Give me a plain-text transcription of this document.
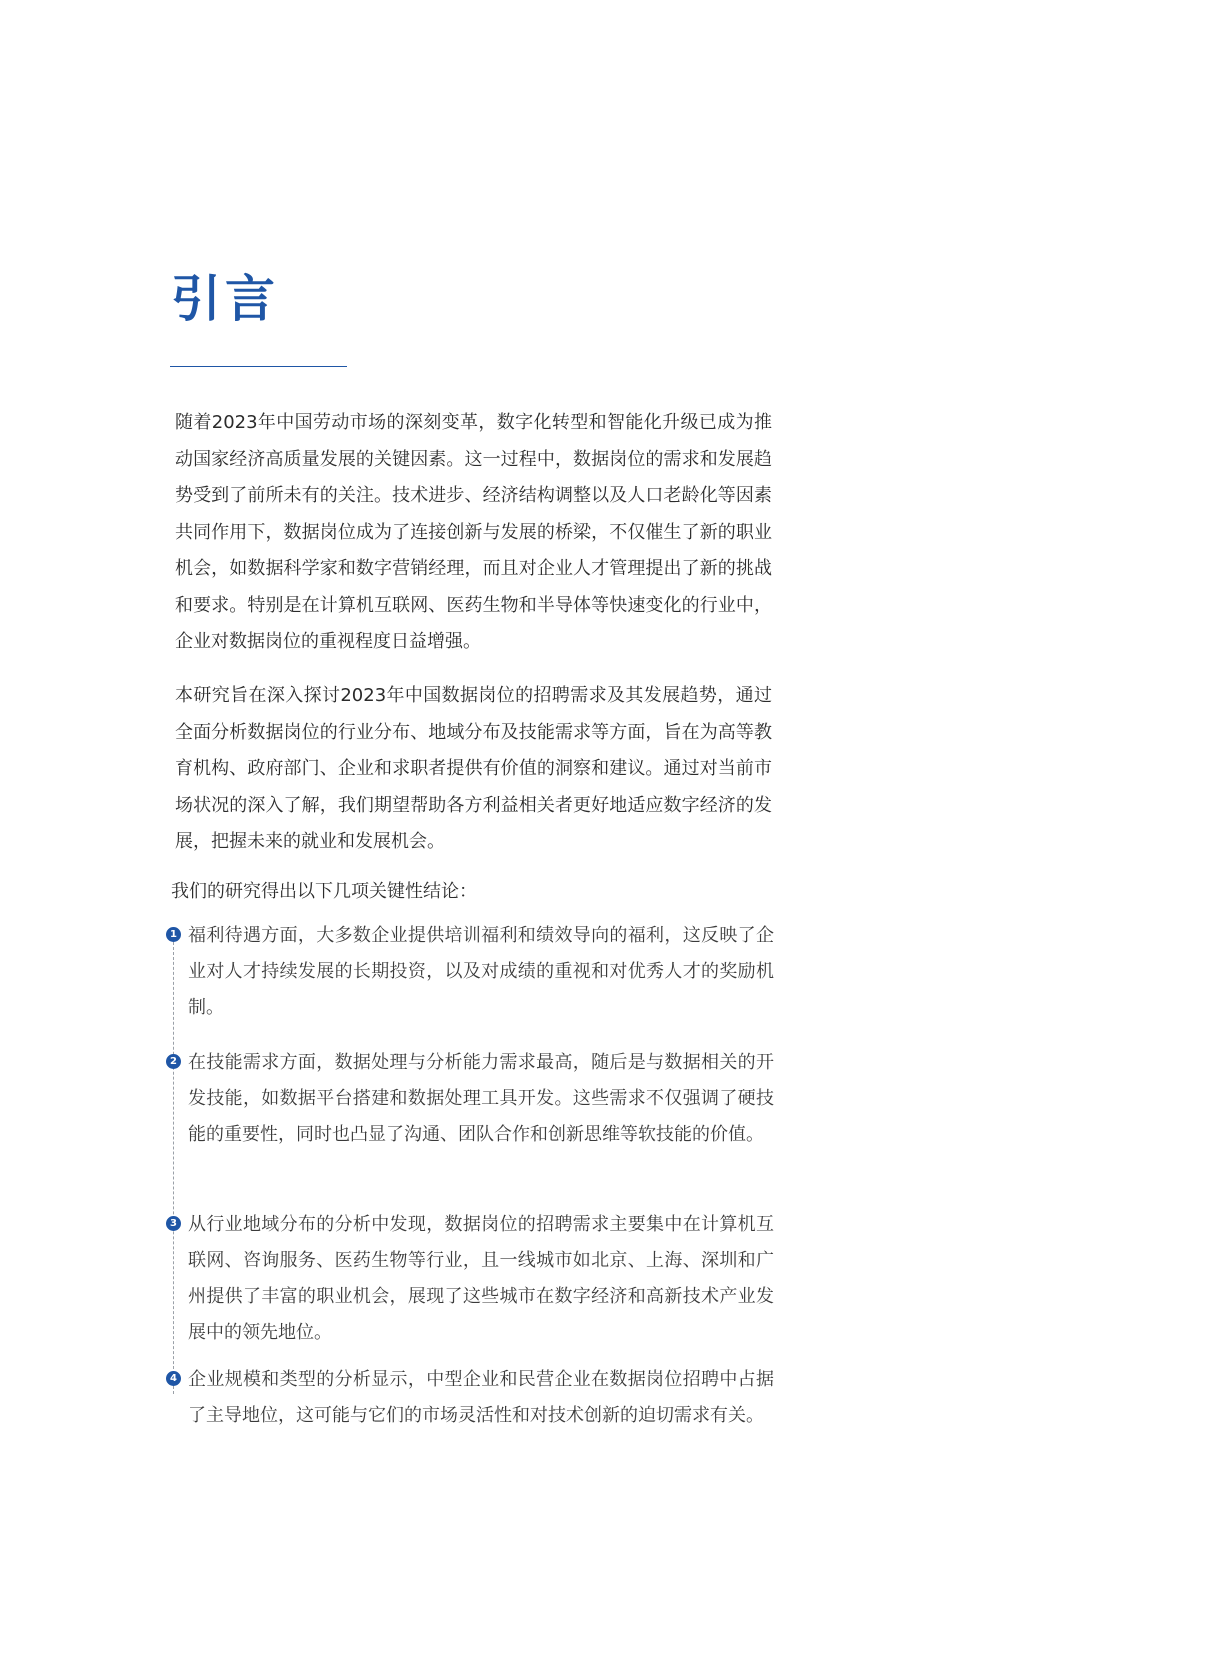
引言

随着2023年中国劳动市场的深刻变革，数字化转型和智能化升级已成为推动国家经济高质量发展的关键因素。这一过程中，数据岗位的需求和发展趋势受到了前所未有的关注。技术进步、经济结构调整以及人口老龄化等因素共同作用下，数据岗位成为了连接创新与发展的桥梁，不仅催生了新的职业机会，如数据科学家和数字营销经理，而且对企业人才管理提出了新的挑战和要求。特别是在计算机互联网、医药生物和半导体等快速变化的行业中，企业对数据岗位的重视程度日益增强。

本研究旨在深入探讨2023年中国数据岗位的招聘需求及其发展趋势，通过全面分析数据岗位的行业分布、地域分布及技能需求等方面，旨在为高等教育机构、政府部门、企业和求职者提供有价值的洞察和建议。通过对当前市场状况的深入了解，我们期望帮助各方利益相关者更好地适应数字经济的发展，把握未来的就业和发展机会。

我们的研究得出以下几项关键性结论：

1 福利待遇方面，大多数企业提供培训福利和绩效导向的福利，这反映了企业对人才持续发展的长期投资，以及对成绩的重视和对优秀人才的奖励机制。

2 在技能需求方面，数据处理与分析能力需求最高，随后是与数据相关的开发技能，如数据平台搭建和数据处理工具开发。这些需求不仅强调了硬技能的重要性，同时也凸显了沟通、团队合作和创新思维等软技能的价值。

3 从行业地域分布的分析中发现，数据岗位的招聘需求主要集中在计算机互联网、咨询服务、医药生物等行业，且一线城市如北京、上海、深圳和广州提供了丰富的职业机会，展现了这些城市在数字经济和高新技术产业发展中的领先地位。

4 企业规模和类型的分析显示，中型企业和民营企业在数据岗位招聘中占据了主导地位，这可能与它们的市场灵活性和对技术创新的迫切需求有关。
